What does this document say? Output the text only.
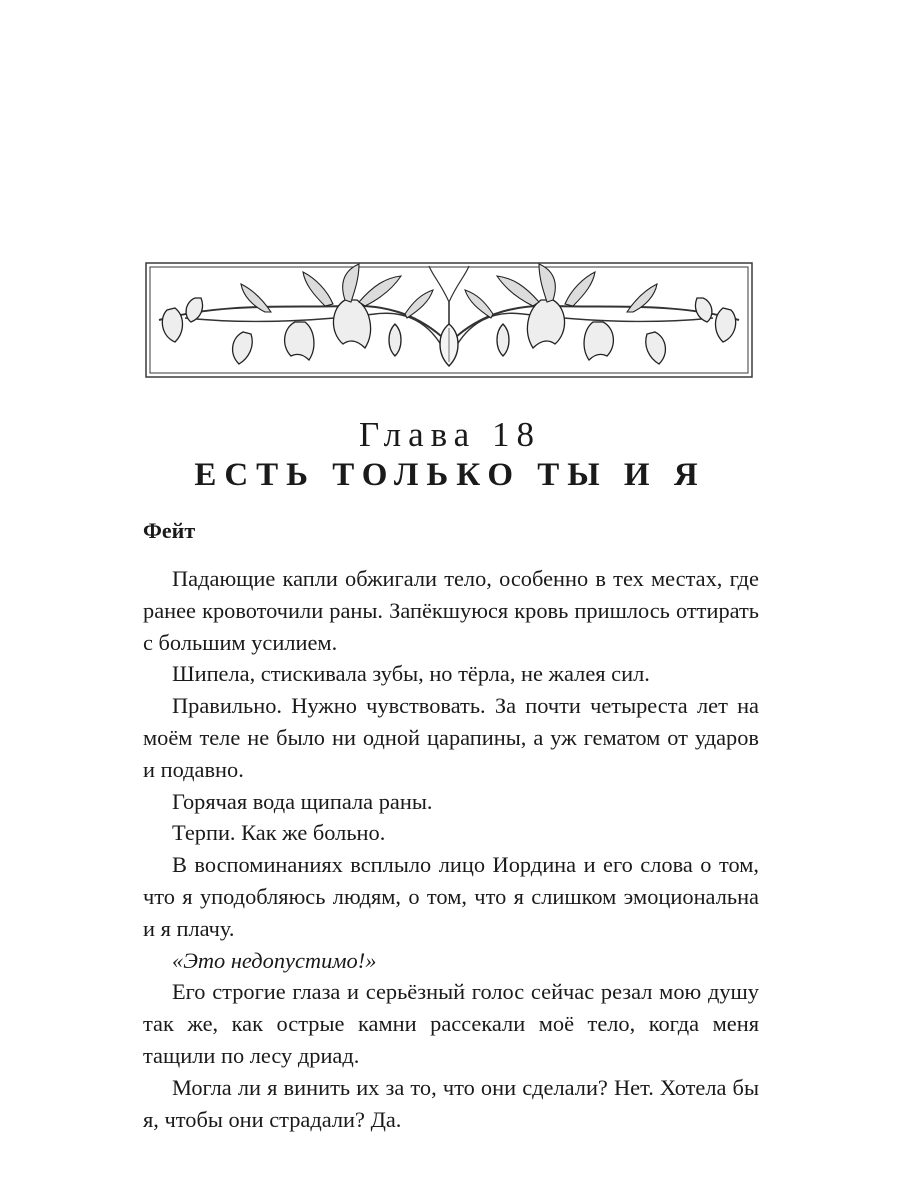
Глава 18
ЕСТЬ ТОЛЬКО ТЫ И Я
Фейт

Падающие капли обжигали тело, особенно в тех местах, где ранее кровоточили раны. Запёкшуюся кровь пришлось оттирать с большим усилием.

Шипела, стискивала зубы, но тёрла, не жалея сил.

Правильно. Нужно чувствовать. За почти четыреста лет на моём теле не было ни одной царапины, а уж гематом от ударов и подавно.

Горячая вода щипала раны.

Терпи. Как же больно.

В воспоминаниях всплыло лицо Иордина и его слова о том, что я уподобляюсь людям, о том, что я слишком эмоциональна и я плачу.

«Это недопустимо!»

Его строгие глаза и серьёзный голос сейчас резал мою душу так же, как острые камни рассекали моё тело, когда меня тащили по лесу дриад.

Могла ли я винить их за то, что они сделали? Нет. Хотела бы я, чтобы они страдали? Да.
